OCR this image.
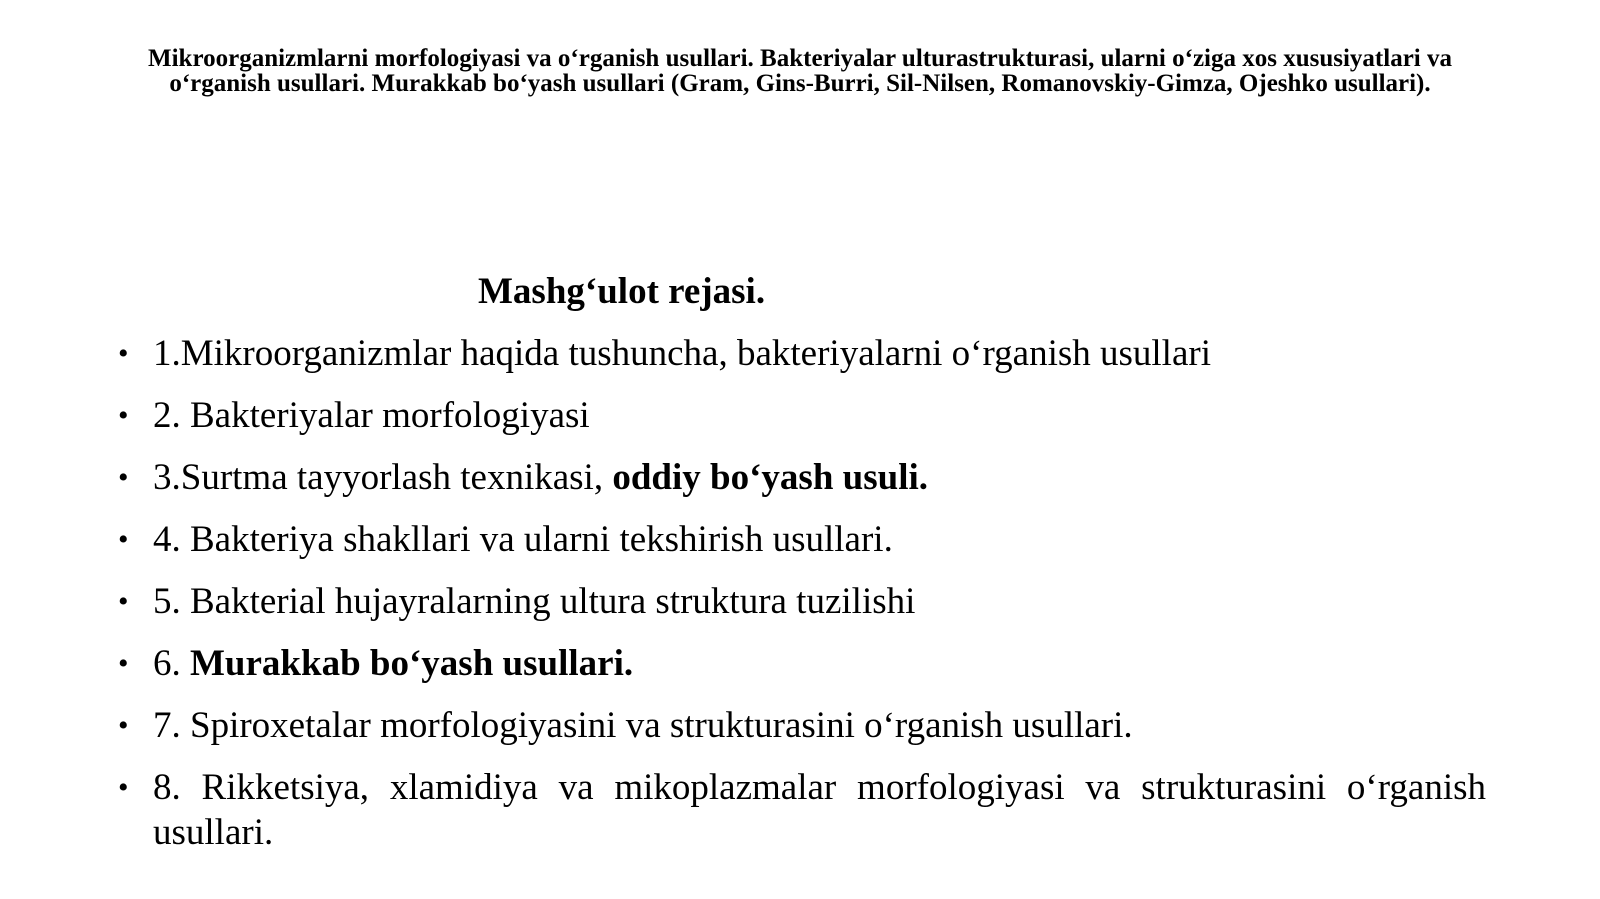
Mikroorganizmlarni morfologiyasi va o‘rganish usullari. Bakteriyalar ulturastrukturasi, ularni o‘ziga xos xususiyatlari va o‘rganish usullari. Murakkab bo‘yash usullari (Gram, Gins-Burri, Sil-Nilsen, Romanovskiy-Gimza, Ojeshko usullari).
Mashg‘ulot rejasi.
• 1.Mikroorganizmlar haqida tushuncha, bakteriyalarni o‘rganish usullari
• 2. Bakteriyalar morfologiyasi
• 3.Surtma tayyorlash texnikasi, oddiy bo‘yash usuli.
• 4. Bakteriya shakllari va ularni tekshirish usullari.
• 5. Bakterial hujayralarning ultura struktura tuzilishi
• 6. Murakkab bo‘yash usullari.
• 7. Spiroxetalar morfologiyasini va strukturasini o‘rganish usullari.
• 8. Rikketsiya, xlamidiya va mikoplazmalar morfologiyasi va strukturasini o‘rganish usullari.
